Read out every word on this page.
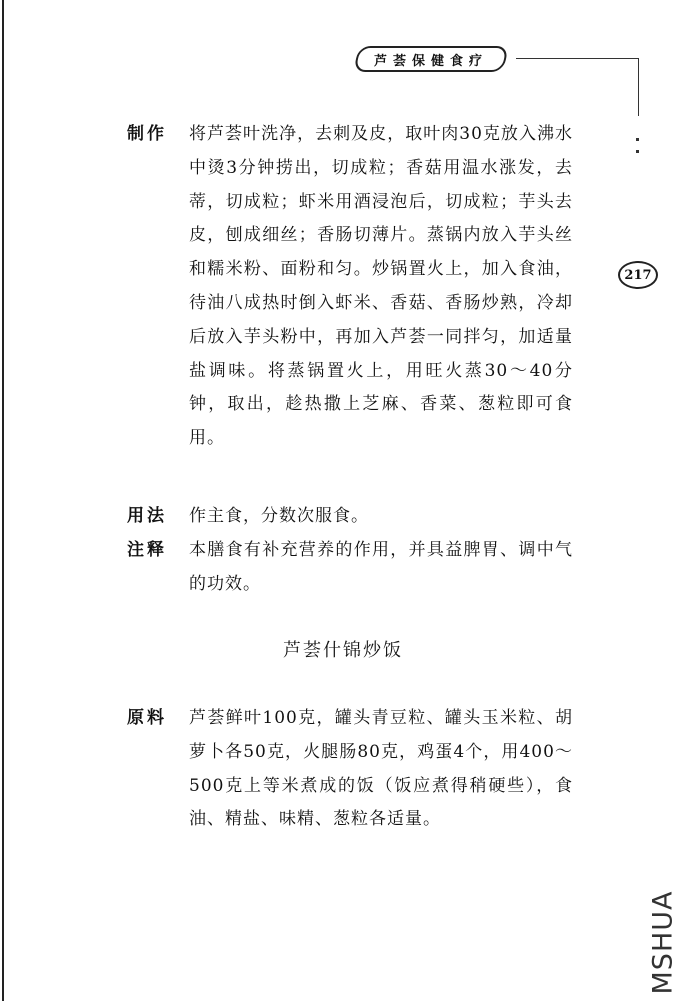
芦荟保健食疗
217
制作	将芦荟叶洗净，去刺及皮，取叶肉30克放入沸水中烫3分钟捞出，切成粒；香菇用温水涨发，去蒂，切成粒；虾米用酒浸泡后，切成粒；芋头去皮，刨成细丝；香肠切薄片。蒸锅内放入芋头丝和糯米粉、面粉和匀。炒锅置火上，加入食油，待油八成热时倒入虾米、香菇、香肠炒熟，冷却后放入芋头粉中，再加入芦荟一同拌匀，加适量盐调味。将蒸锅置火上，用旺火蒸30～40分钟，取出，趁热撒上芝麻、香菜、葱粒即可食用。
用法	作主食，分数次服食。
注释	本膳食有补充营养的作用，并具益脾胃、调中气的功效。
芦荟什锦炒饭
原料	芦荟鲜叶100克，罐头青豆粒、罐头玉米粒、胡萝卜各50克，火腿肠80克，鸡蛋4个，用400～500克上等米煮成的饭（饭应煮得稍硬些），食油、精盐、味精、葱粒各适量。
MSHUA
